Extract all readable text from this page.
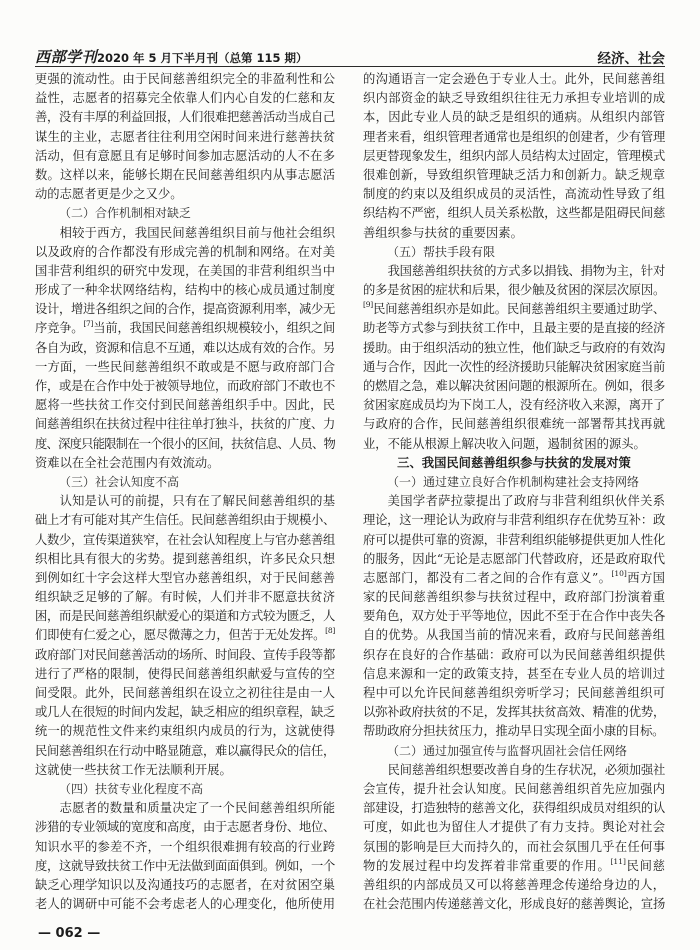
西部学刊2020 年 5 月下半月刊（总第 115 期）	经济、社会
更强的流动性。由于民间慈善组织完全的非盈利性和公
益性，志愿者的招募完全依靠人们内心自发的仁慈和友
善，没有丰厚的利益回报，人们很难把慈善活动当成自己
谋生的主业，志愿者往往利用空闲时间来进行慈善扶贫
活动，但有意愿且有足够时间参加志愿活动的人不在多
数。这样以来，能够长期在民间慈善组织内从事志愿活
动的志愿者更是少之又少。
（二）合作机制相对缺乏
相较于西方，我国民间慈善组织目前与他社会组织
以及政府的合作都没有形成完善的机制和网络。在对美
国非营利组织的研究中发现，在美国的非营利组织当中
形成了一种伞状网络结构，结构中的核心成员通过制度
设计，增进各组织之间的合作，提高资源利用率，减少无
序竞争。[7]当前，我国民间慈善组织规模较小，组织之间
各自为政，资源和信息不互通，难以达成有效的合作。另
一方面，一些民间慈善组织不敢或是不愿与政府部门合
作，或是在合作中处于被领导地位，而政府部门不敢也不
愿将一些扶贫工作交付到民间慈善组织手中。因此，民
间慈善组织在扶贫过程中往往单打独斗，扶贫的广度、力
度、深度只能限制在一个很小的区间，扶贫信息、人员、物
资难以在全社会范围内有效流动。
（三）社会认知度不高
认知是认可的前提，只有在了解民间慈善组织的基
础上才有可能对其产生信任。民间慈善组织由于规模小、
人数少，宣传渠道狭窄，在社会认知程度上与官办慈善组
织相比具有很大的劣势。提到慈善组织，许多民众只想
到例如红十字会这样大型官办慈善组织，对于民间慈善
组织缺乏足够的了解。有时候，人们并非不愿意扶贫济
困，而是民间慈善组织献爱心的渠道和方式较为匮乏，人
们即使有仁爱之心，愿尽微薄之力，但苦于无处发挥。[8]
政府部门对民间慈善活动的场所、时间段、宣传手段等都
进行了严格的限制，使得民间慈善组织献爱与宣传的空
间受限。此外，民间慈善组织在设立之初往往是由一人
或几人在很短的时间内发起，缺乏相应的组织章程，缺乏
统一的规范性文件来约束组织内成员的行为，这就使得
民间慈善组织在行动中略显随意，难以赢得民众的信任，
这就使一些扶贫工作无法顺利开展。
（四）扶贫专业化程度不高
志愿者的数量和质量决定了一个民间慈善组织所能
涉猎的专业领域的宽度和高度，由于志愿者身份、地位、
知识水平的参差不齐，一个组织很难拥有较高的行业跨
度，这就导致扶贫工作中无法做到面面俱到。例如，一个
缺乏心理学知识以及沟通技巧的志愿者，在对贫困空巢
老人的调研中可能不会考虑老人的心理变化，他所使用
的沟通语言一定会逊色于专业人士。此外，民间慈善组
织内部资金的缺乏导致组织往往无力承担专业培训的成
本，因此专业人员的缺乏是组织的通病。从组织内部管
理者来看，组织管理者通常也是组织的创建者，少有管理
层更替现象发生，组织内部人员结构太过固定，管理模式
很难创新，导致组织管理缺乏活力和创新力。缺乏规章
制度的约束以及组织成员的灵活性，高流动性导致了组
织结构不严密，组织人员关系松散，这些都是阻碍民间慈
善组织参与扶贫的重要因素。
（五）帮扶手段有限
我国慈善组织扶贫的方式多以捐钱、捐物为主，针对
的多是贫困的症状和后果，很少触及贫困的深层次原因。
[9]民间慈善组织亦是如此。民间慈善组织主要通过助学、
助老等方式参与到扶贫工作中，且最主要的是直接的经济
援助。由于组织活动的独立性，他们缺乏与政府的有效沟
通与合作，因此一次性的经济援助只能解决贫困家庭当前
的燃眉之急，难以解决贫困问题的根源所在。例如，很多
贫困家庭成员均为下岗工人，没有经济收入来源，离开了
与政府的合作，民间慈善组织很难统一部署帮其找再就
业，不能从根源上解决收入问题，遏制贫困的源头。
三、我国民间慈善组织参与扶贫的发展对策
（一）通过建立良好合作机制构建社会支持网络
美国学者萨拉蒙提出了政府与非营利组织伙伴关系
理论，这一理论认为政府与非营利组织存在优势互补：政
府可以提供可靠的资源，非营利组织能够提供更加人性化
的服务，因此“无论是志愿部门代替政府，还是政府取代
志愿部门，都没有二者之间的合作有意义”。[10]西方国
家的民间慈善组织参与扶贫过程中，政府部门扮演着重
要角色，双方处于平等地位，因此不至于在合作中丧失各
自的优势。从我国当前的情况来看，政府与民间慈善组
织存在良好的合作基础：政府可以为民间慈善组织提供
信息来源和一定的政策支持，甚至在专业人员的培训过
程中可以允许民间慈善组织旁听学习；民间慈善组织可
以弥补政府扶贫的不足，发挥其扶贫高效、精准的优势，
帮助政府分担扶贫压力，推动早日实现全面小康的目标。
（二）通过加强宣传与监督巩固社会信任网络
民间慈善组织想要改善自身的生存状况，必须加强社
会宣传，提升社会认知度。民间慈善组织首先应加强内
部建设，打造独特的慈善文化，获得组织成员对组织的认
可度，如此也为留住人才提供了有力支持。舆论对社会
氛围的影响是巨大而持久的，而社会氛围几乎在任何事
物的发展过程中均发挥着非常重要的作用。[11]民间慈
善组织的内部成员又可以将慈善理念传递给身边的人，
在社会范围内传递慈善文化，形成良好的慈善舆论，宣扬
— 062 —
